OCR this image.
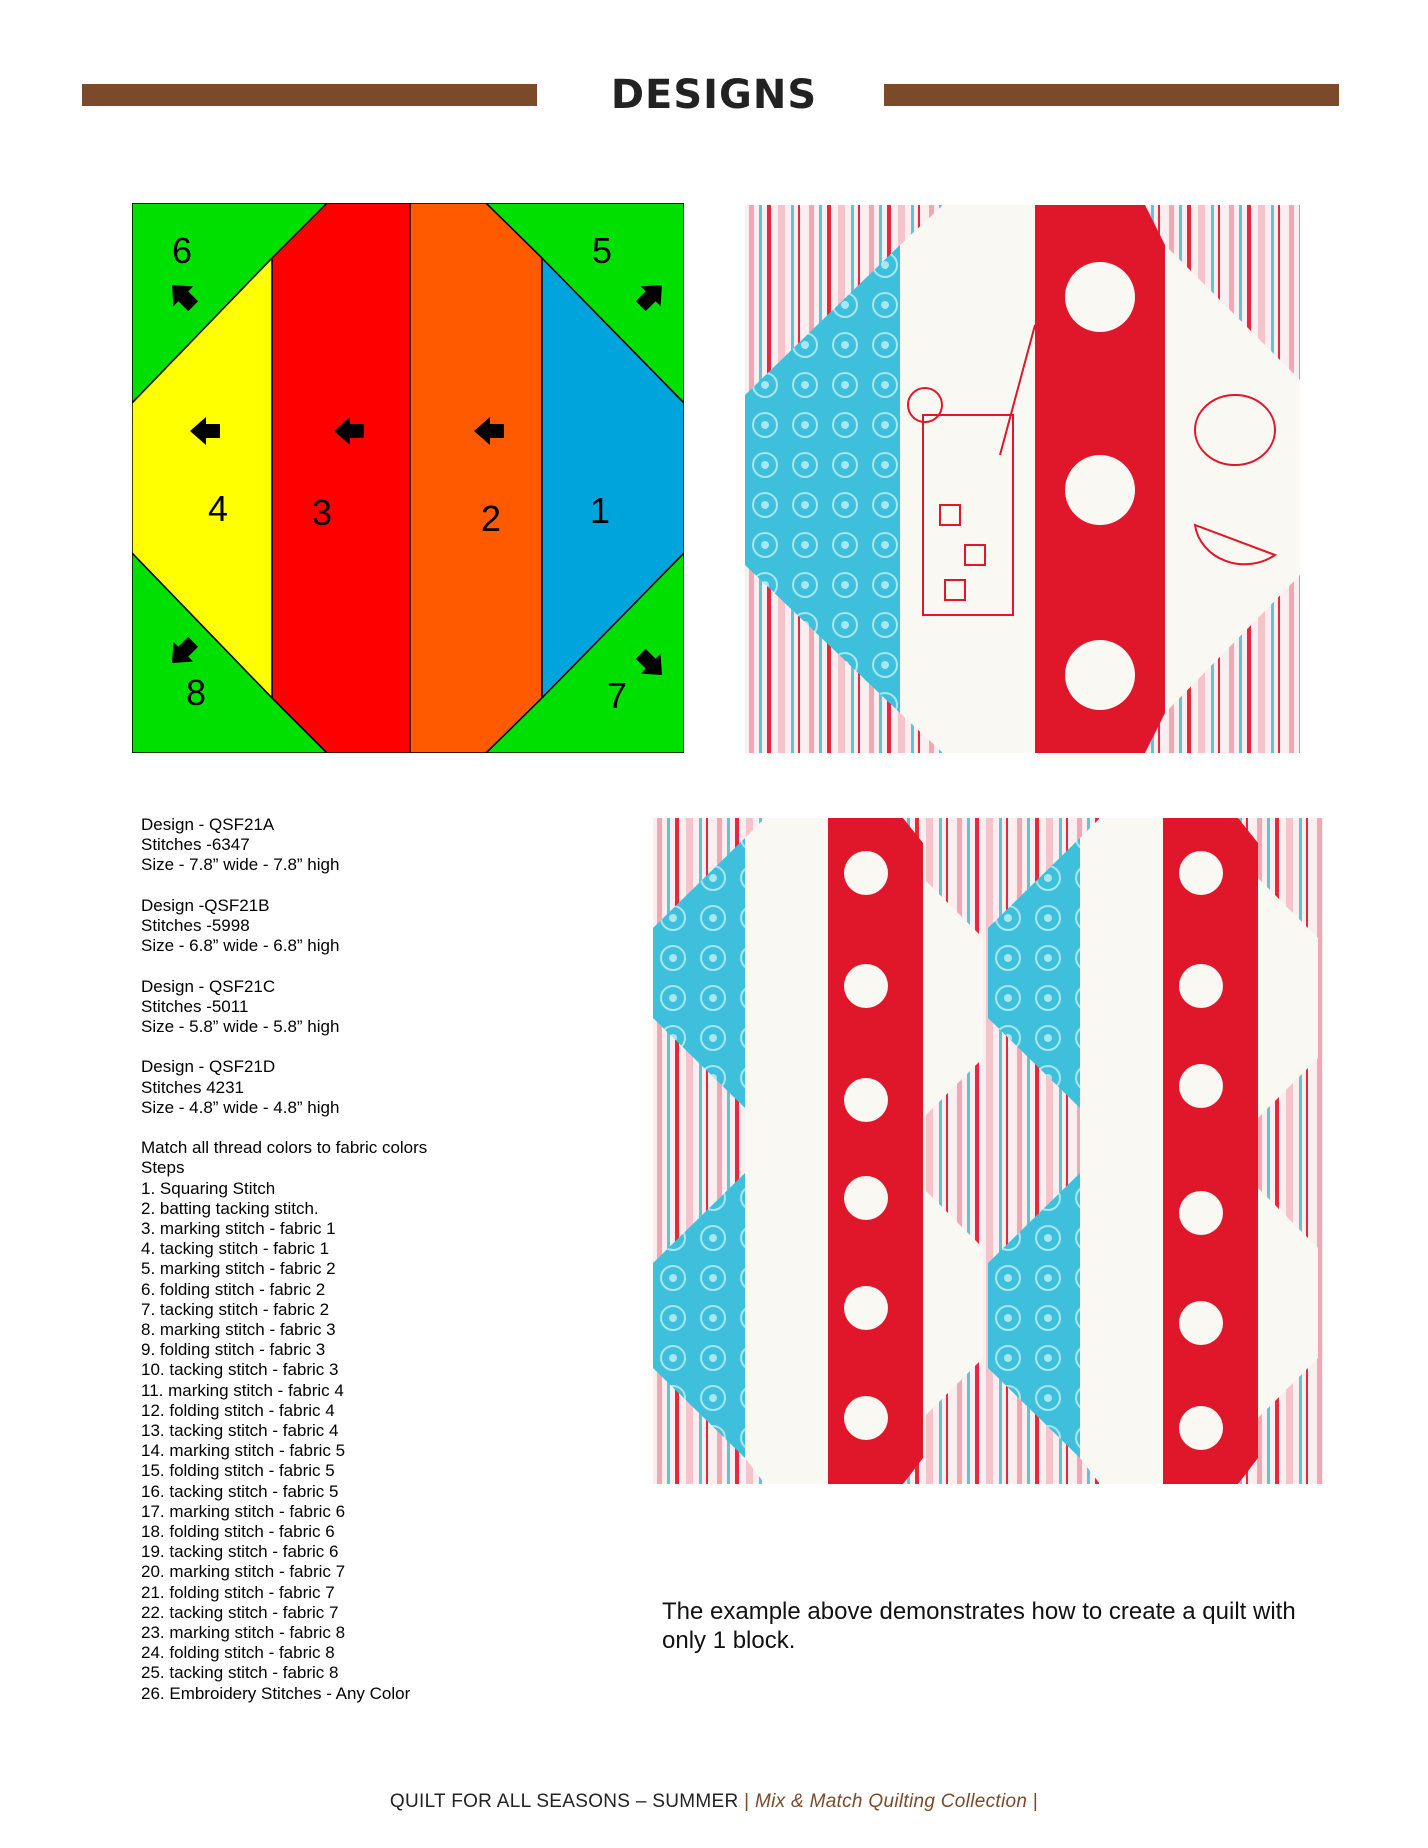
DESIGNS
1
2
3
4
5
6
7
8
Design - QSF21A
Stitches -6347
Size - 7.8” wide - 7.8” high
Design -QSF21B
Stitches -5998
Size - 6.8” wide - 6.8” high
Design - QSF21C
Stitches -5011
Size - 5.8” wide - 5.8” high
Design - QSF21D
Stitches 4231
Size - 4.8” wide - 4.8” high
Match all thread colors to fabric colors
Steps
1. Squaring Stitch
2. batting tacking stitch.
3. marking stitch - fabric 1
4. tacking stitch - fabric 1
5. marking stitch - fabric 2
6. folding stitch - fabric 2
7. tacking stitch - fabric 2
8. marking stitch - fabric 3
9. folding stitch - fabric 3
10. tacking stitch - fabric 3
11. marking stitch - fabric 4
12. folding stitch - fabric 4
13. tacking stitch - fabric 4
14. marking stitch - fabric 5
15. folding stitch - fabric 5
16. tacking stitch - fabric 5
17. marking stitch - fabric 6
18. folding stitch - fabric 6
19. tacking stitch - fabric 6
20. marking stitch - fabric 7
21. folding stitch - fabric 7
22. tacking stitch - fabric 7
23. marking stitch - fabric 8
24. folding stitch - fabric 8
25. tacking stitch - fabric 8
26. Embroidery Stitches - Any Color
The example above demonstrates how to create a quilt with only 1 block.
QUILT FOR ALL SEASONS – SUMMER | Mix & Match Quilting Collection |
